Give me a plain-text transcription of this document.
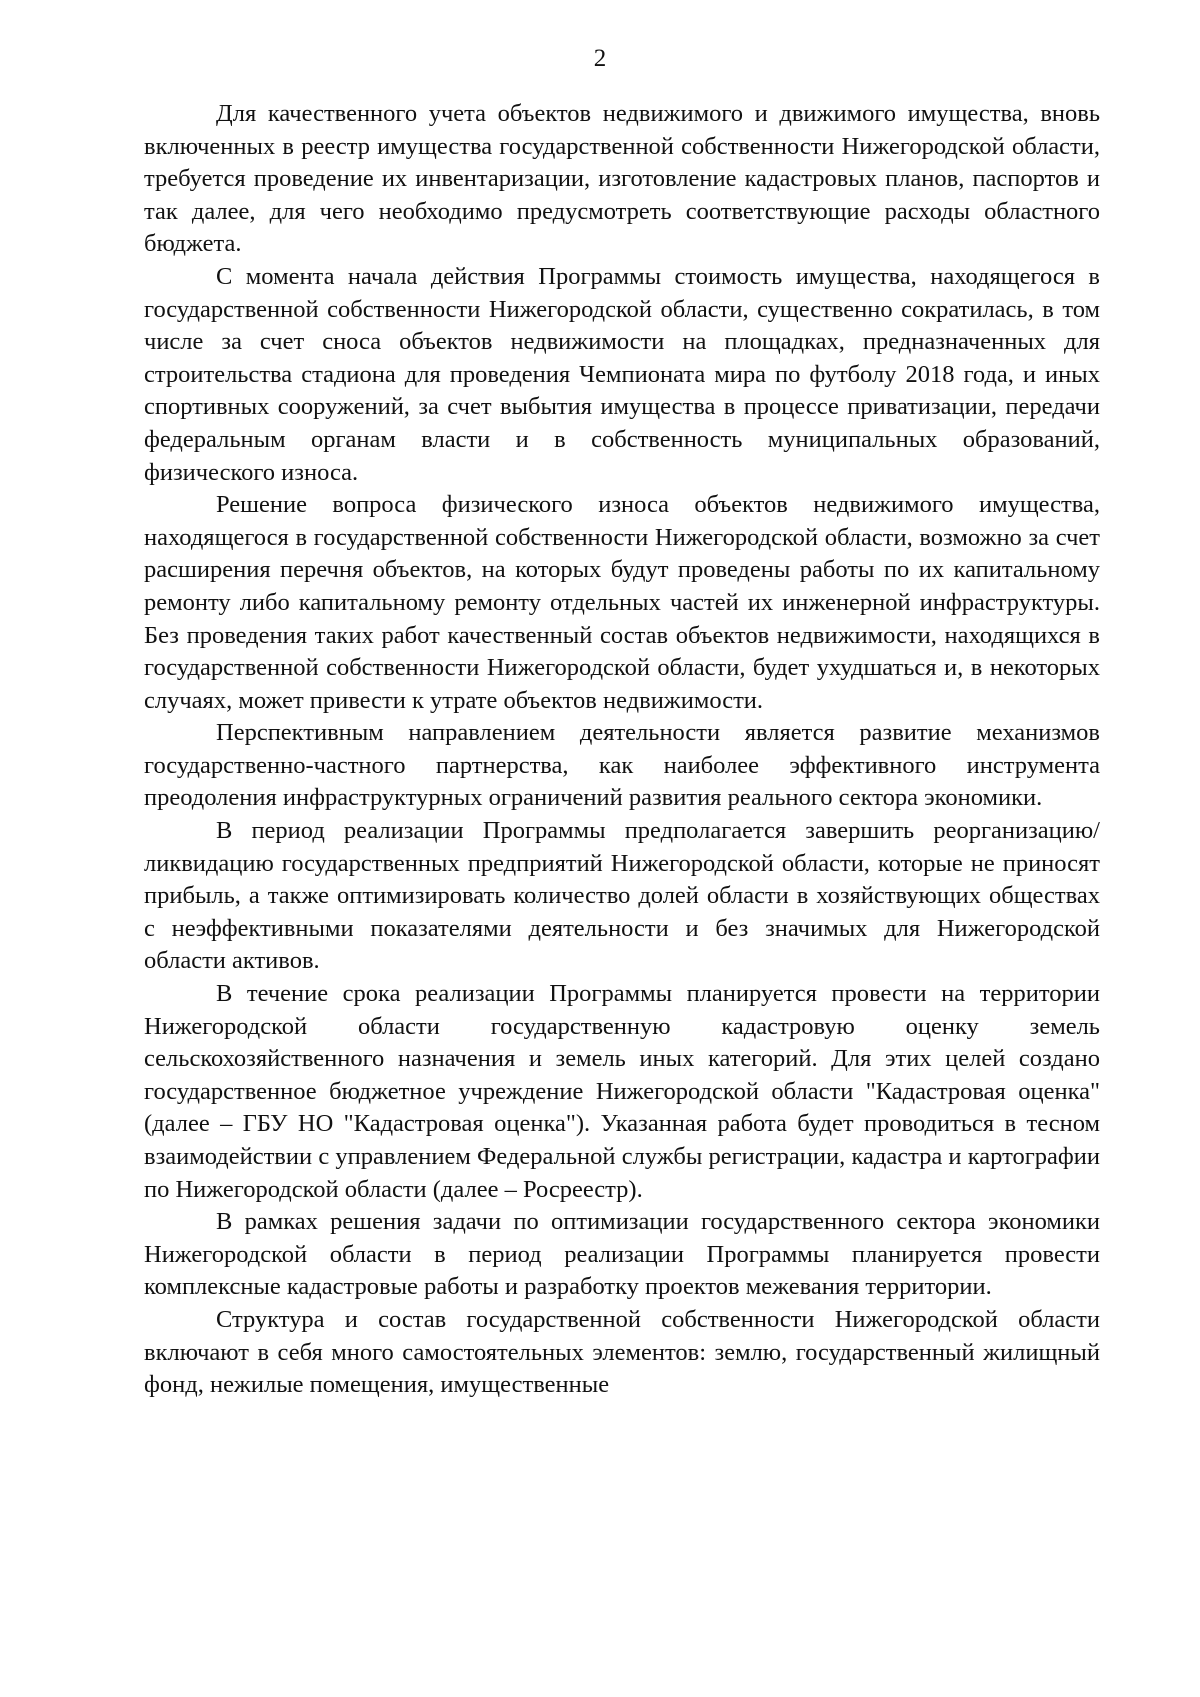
2

Для качественного учета объектов недвижимого и движимого имущества, вновь включенных в реестр имущества государственной собственности Нижегородской области, требуется проведение их инвентаризации, изготовление кадастровых планов, паспортов и так далее, для чего необходимо предусмотреть соответствующие расходы областного бюджета.

С момента начала действия Программы стоимость имущества, находящегося в государственной собственности Нижегородской области, существенно сократилась, в том числе за счет сноса объектов недвижимости на площадках, предназначенных для строительства стадиона для проведения Чемпионата мира по футболу 2018 года, и иных спортивных сооружений, за счет выбытия имущества в процессе приватизации, передачи федеральным органам власти и в собственность муниципальных образований, физического износа.

Решение вопроса физического износа объектов недвижимого имущества, находящегося в государственной собственности Нижегородской области, возможно за счет расширения перечня объектов, на которых будут проведены работы по их капитальному ремонту либо капитальному ремонту отдельных частей их инженерной инфраструктуры. Без проведения таких работ качественный состав объектов недвижимости, находящихся в государственной собственности Нижегородской области, будет ухудшаться и, в некоторых случаях, может привести к утрате объектов недвижимости.

Перспективным направлением деятельности является развитие механизмов государственно-частного партнерства, как наиболее эффективного инструмента преодоления инфраструктурных ограничений развития реального сектора экономики.

В период реализации Программы предполагается завершить реорганизацию/ликвидацию государственных предприятий Нижегородской области, которые не приносят прибыль, а также оптимизировать количество долей области в хозяйствующих обществах с неэффективными показателями деятельности и без значимых для Нижегородской области активов.

В течение срока реализации Программы планируется провести на территории Нижегородской области государственную кадастровую оценку земель сельскохозяйственного назначения и земель иных категорий. Для этих целей создано государственное бюджетное учреждение Нижегородской области "Кадастровая оценка" (далее – ГБУ НО "Кадастровая оценка"). Указанная работа будет проводиться в тесном взаимодействии с управлением Федеральной службы регистрации, кадастра и картографии по Нижегородской области (далее – Росреестр).

В рамках решения задачи по оптимизации государственного сектора экономики Нижегородской области в период реализации Программы планируется провести комплексные кадастровые работы и разработку проектов межевания территории.

Структура и состав государственной собственности Нижегородской области включают в себя много самостоятельных элементов: землю, государственный жилищный фонд, нежилые помещения, имущественные
